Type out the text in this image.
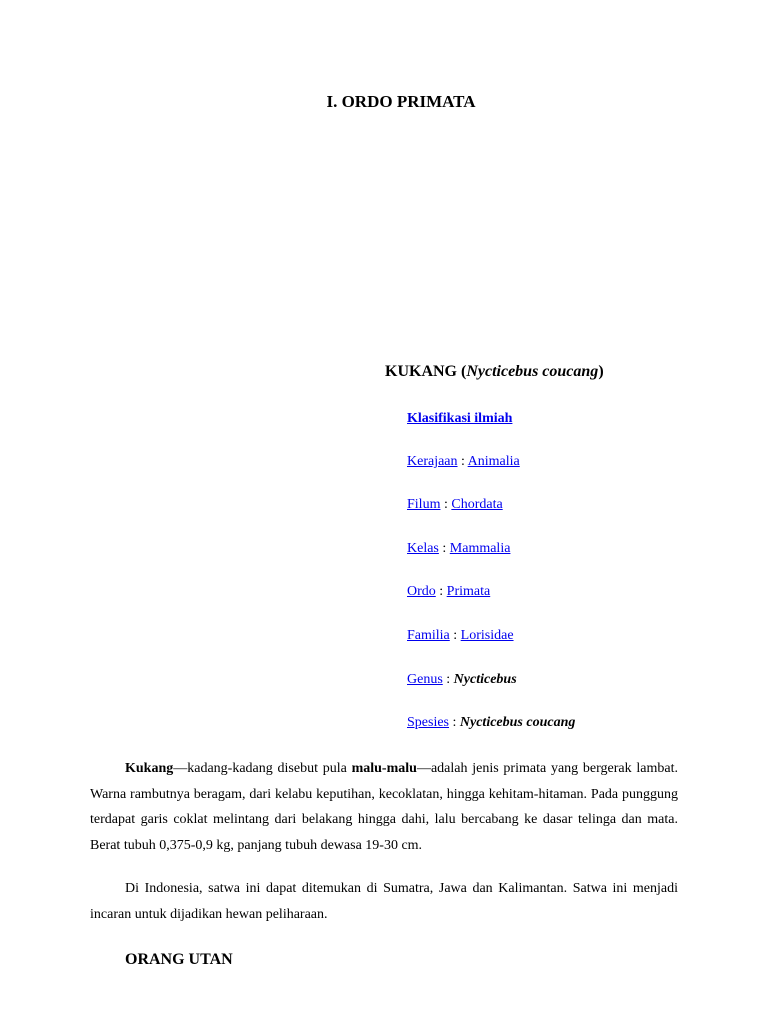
I. ORDO PRIMATA
KUKANG (Nycticebus coucang)
Klasifikasi ilmiah
Kerajaan : Animalia
Filum : Chordata
Kelas : Mammalia
Ordo : Primata
Familia : Lorisidae
Genus : Nycticebus
Spesies : Nycticebus coucang

Kukang—kadang-kadang disebut pula malu-malu—adalah jenis primata yang bergerak lambat. Warna rambutnya beragam, dari kelabu keputihan, kecoklatan, hingga kehitam-hitaman. Pada punggung terdapat garis coklat melintang dari belakang hingga dahi, lalu bercabang ke dasar telinga dan mata. Berat tubuh 0,375-0,9 kg, panjang tubuh dewasa 19-30 cm.

Di Indonesia, satwa ini dapat ditemukan di Sumatra, Jawa dan Kalimantan. Satwa ini menjadi incaran untuk dijadikan hewan peliharaan.

ORANG UTAN
